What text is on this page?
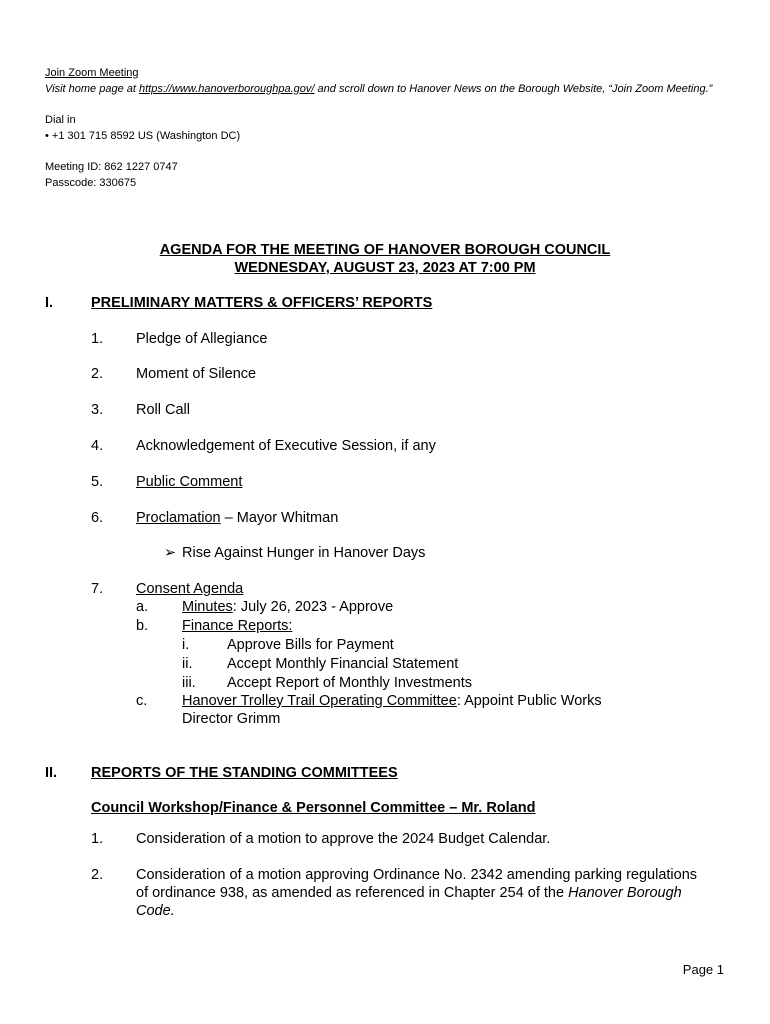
Join Zoom Meeting

Visit home page at https://www.hanoverboroughpa.gov/ and scroll down to Hanover News on the Borough Website, “Join Zoom Meeting.”

Dial in

• +1 301 715 8592 US (Washington DC)

Meeting ID: 862 1227 0747

Passcode: 330675

AGENDA FOR THE MEETING OF HANOVER BOROUGH COUNCIL
WEDNESDAY, AUGUST 23, 2023 AT 7:00 PM
I.	PRELIMINARY MATTERS & OFFICERS’ REPORTS
1. Pledge of Allegiance
2. Moment of Silence
3. Roll Call
4. Acknowledgement of Executive Session, if any
5. Public Comment
6. Proclamation – Mayor Whitman
➢ Rise Against Hunger in Hanover Days
7. Consent Agenda
a. Minutes: July 26, 2023 - Approve
b. Finance Reports:
i.	Approve Bills for Payment
ii. Accept Monthly Financial Statement
iii. Accept Report of Monthly Investments
c. Hanover Trolley Trail Operating Committee: Appoint Public Works
Director Grimm
II. REPORTS OF THE STANDING COMMITTEES
Council Workshop/Finance & Personnel Committee – Mr. Roland
1. Consideration of a motion to approve the 2024 Budget Calendar.
2. Consideration of a motion approving Ordinance No. 2342 amending parking regulations
of ordinance 938, as amended as referenced in Chapter 254 of the Hanover Borough
Code.
Page 1
